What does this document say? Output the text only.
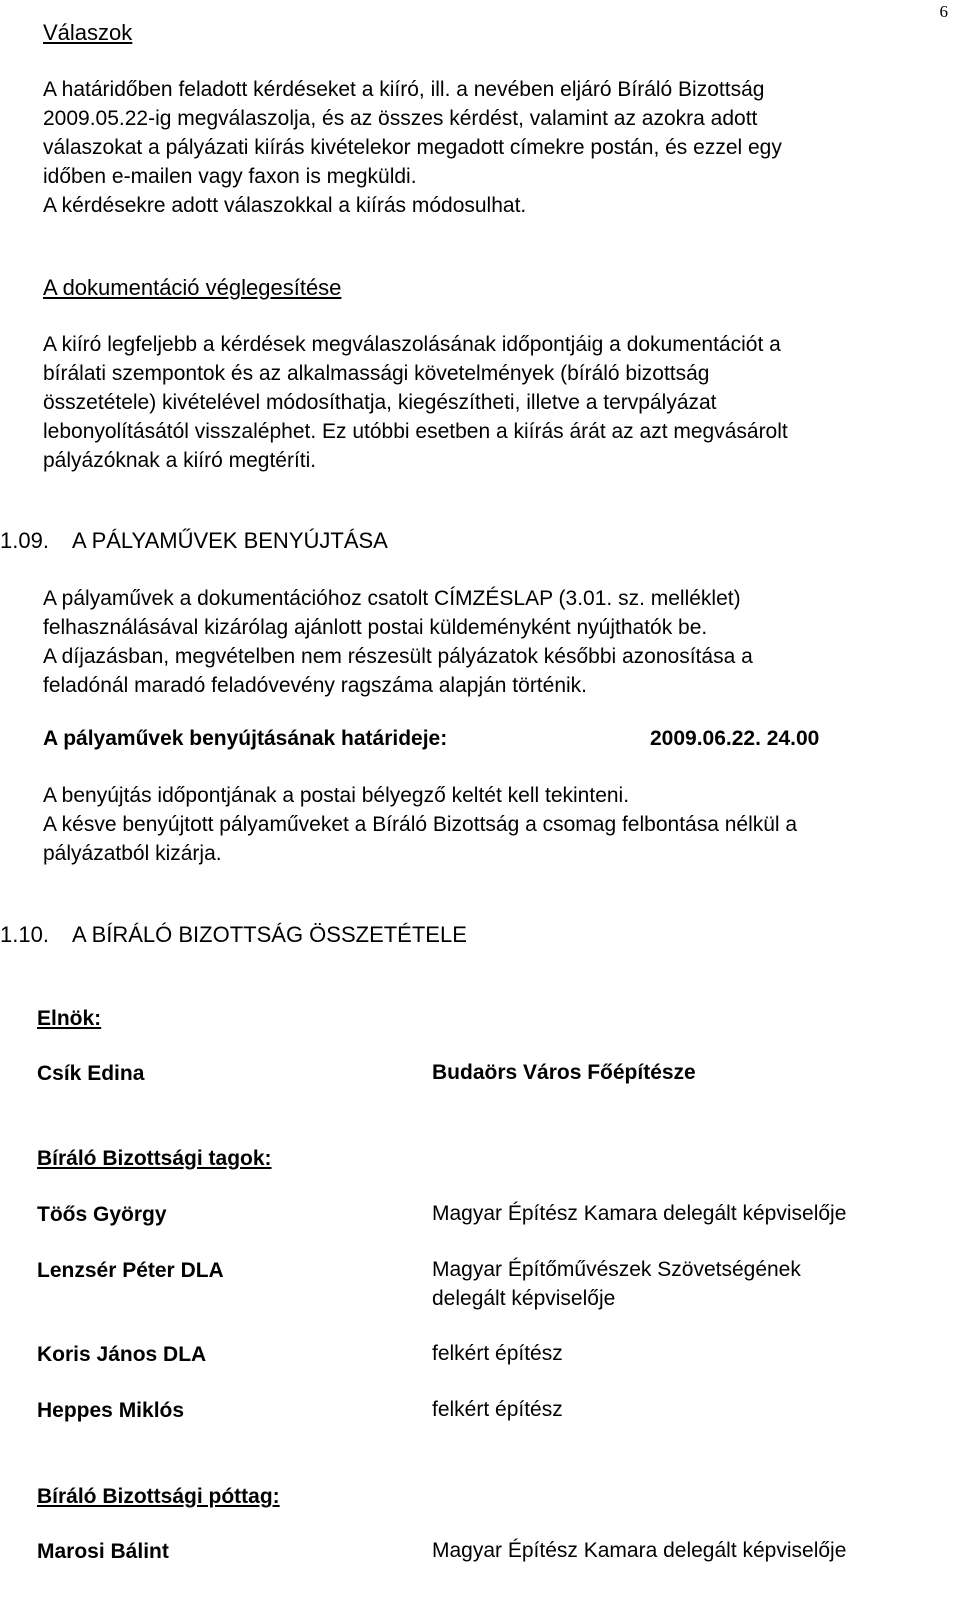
6
Válaszok

A határidőben feladott kérdéseket a kiíró, ill. a nevében eljáró Bíráló Bizottság

2009.05.22-ig megválaszolja, és az összes kérdést, valamint az azokra adott

válaszokat a pályázati kiírás kivételekor megadott címekre postán, és ezzel egy

időben e-mailen vagy faxon is megküldi.

A kérdésekre adott válaszokkal a kiírás módosulhat.

A dokumentáció véglegesítése

A kiíró legfeljebb a kérdések megválaszolásának időpontjáig a dokumentációt a

bírálati szempontok és az alkalmassági követelmények (bíráló bizottság

összetétele) kivételével módosíthatja, kiegészítheti, illetve a tervpályázat

lebonyolításától visszaléphet. Ez utóbbi esetben a kiírás árát az azt megvásárolt

pályázóknak a kiíró megtéríti.

1.09. A PÁLYAMŰVEK BENYÚJTÁSA

A pályaművek a dokumentációhoz csatolt CÍMZÉSLAP (3.01. sz. melléklet)

felhasználásával kizárólag ajánlott postai küldeményként nyújthatók be.

A díjazásban, megvételben nem részesült pályázatok későbbi azonosítása a

feladónál maradó feladóvevény ragszáma alapján történik.

A pályaművek benyújtásának határideje:	2009.06.22. 24.00

A benyújtás időpontjának a postai bélyegző keltét kell tekinteni.

A késve benyújtott pályaműveket a Bíráló Bizottság a csomag felbontása nélkül a

pályázatból kizárja.

1.10. A BÍRÁLÓ BIZOTTSÁG ÖSSZETÉTELE
Elnök:
Csík Edina	Budaörs Város Főépítésze
Bíráló Bizottsági tagok:
Töős György	Magyar Építész Kamara delegált képviselője
Lenzsér Péter DLA	Magyar Építőművészek Szövetségének
delegált képviselője
Koris János DLA	felkért építész
Heppes Miklós	felkért építész
Bíráló Bizottsági póttag:
Marosi Bálint	Magyar Építész Kamara delegált képviselője
